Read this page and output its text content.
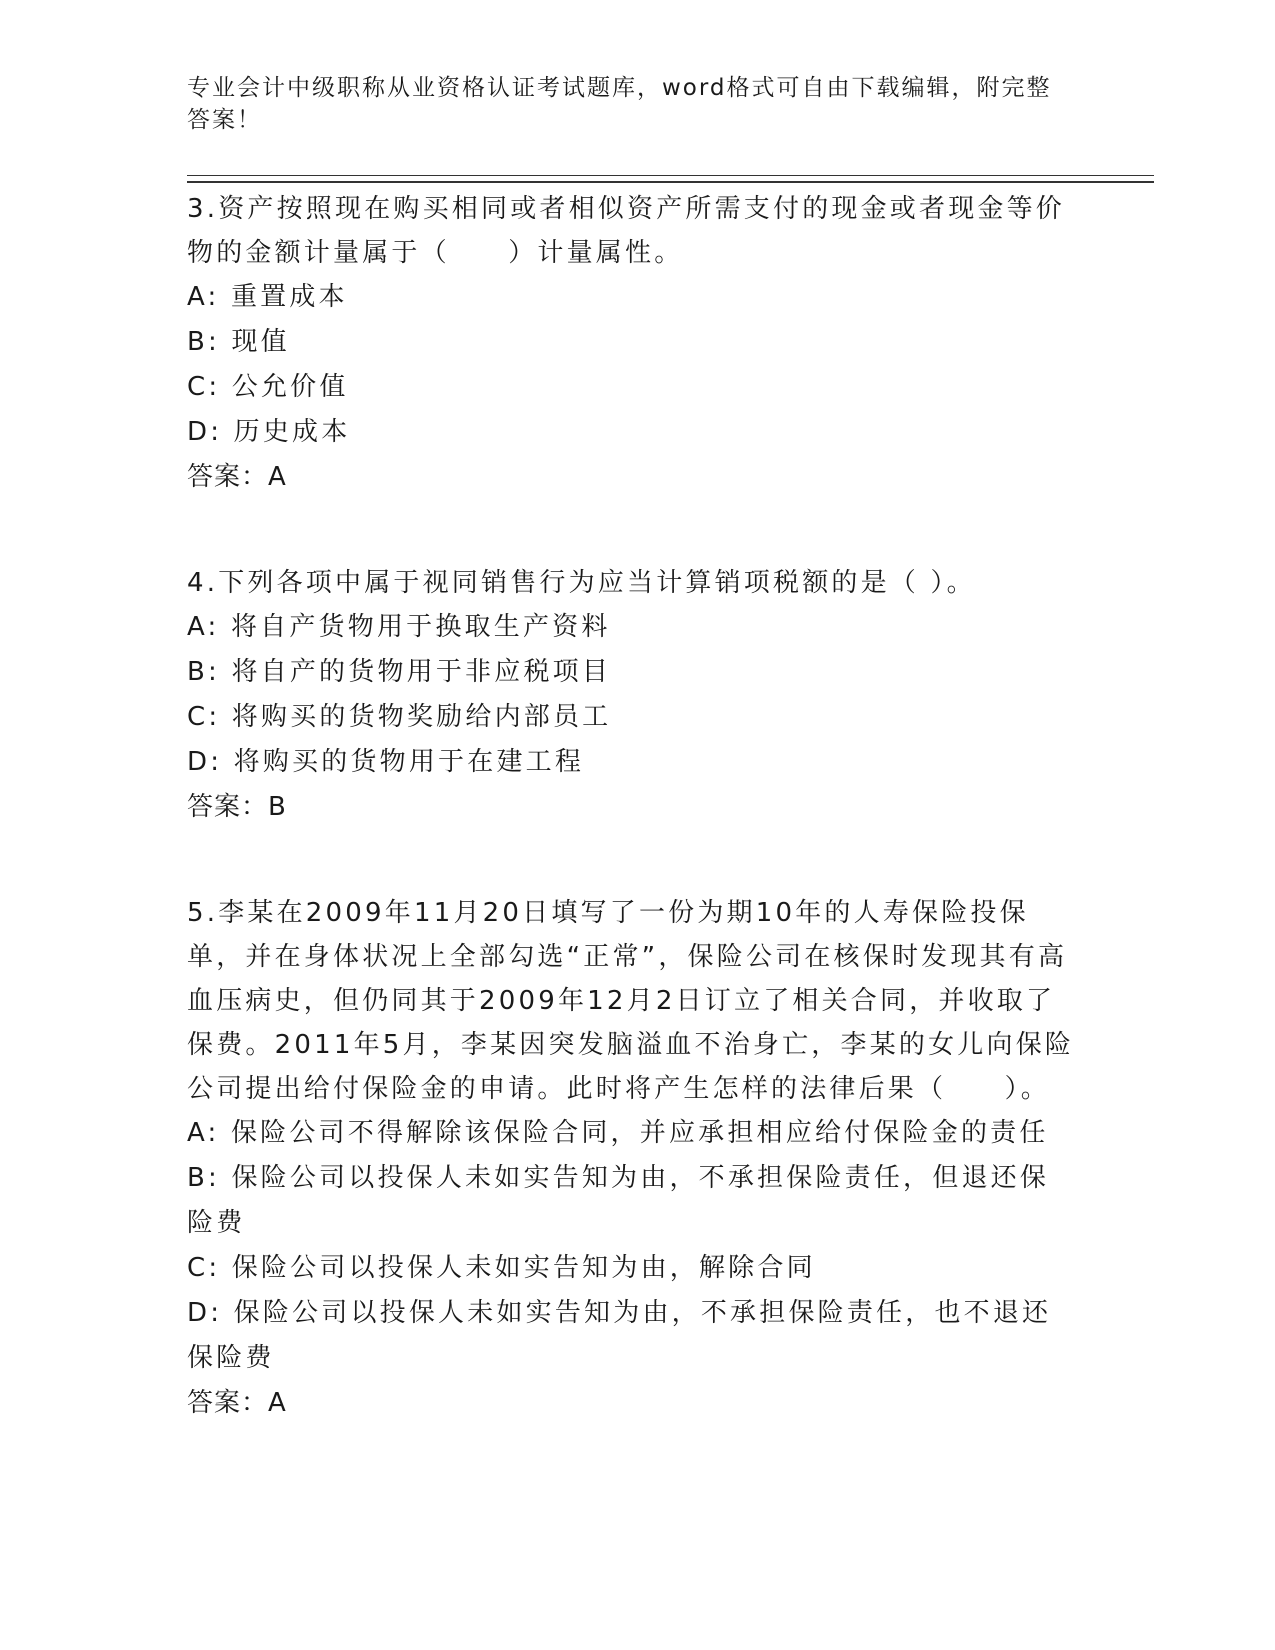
专业会计中级职称从业资格认证考试题库，word格式可自由下载编辑，附完整答案！
3.资产按照现在购买相同或者相似资产所需支付的现金或者现金等价物的金额计量属于（　　）计量属性。
A: 重置成本
B: 现值
C: 公允价值
D: 历史成本
答案：A
4.下列各项中属于视同销售行为应当计算销项税额的是（ ）。
A: 将自产货物用于换取生产资料
B: 将自产的货物用于非应税项目
C: 将购买的货物奖励给内部员工
D: 将购买的货物用于在建工程
答案：B
5.李某在2009年11月20日填写了一份为期10年的人寿保险投保单，并在身体状况上全部勾选“正常”，保险公司在核保时发现其有高血压病史，但仍同其于2009年12月2日订立了相关合同，并收取了保费。2011年5月，李某因突发脑溢血不治身亡，李某的女儿向保险公司提出给付保险金的申请。此时将产生怎样的法律后果（　　）。
A: 保险公司不得解除该保险合同，并应承担相应给付保险金的责任
B: 保险公司以投保人未如实告知为由，不承担保险责任，但退还保险费
C: 保险公司以投保人未如实告知为由，解除合同
D: 保险公司以投保人未如实告知为由，不承担保险责任，也不退还保险费
答案：A
